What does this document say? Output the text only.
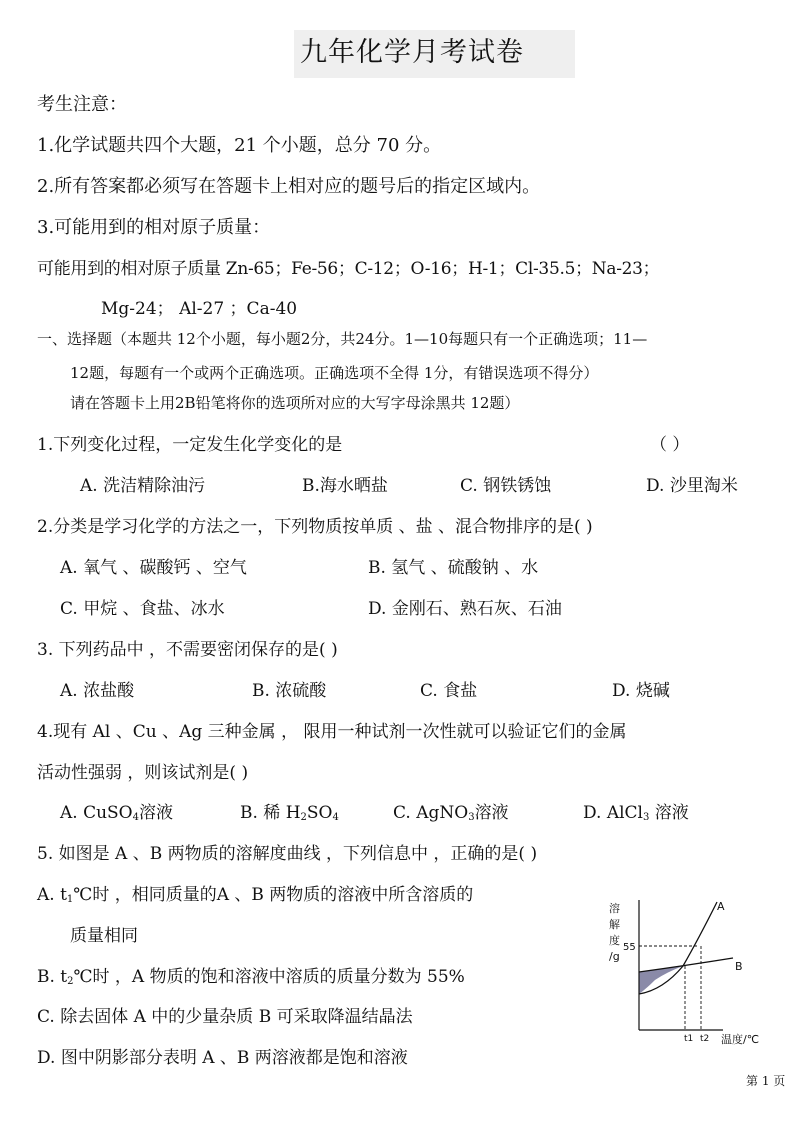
九年化学月考试卷
考生注意：
1.化学试题共四个大题，21 个小题，总分 70 分。
2.所有答案都必须写在答题卡上相对应的题号后的指定区域内。
3.可能用到的相对原子质量：
可能用到的相对原子质量 Zn-65；Fe-56；C-12；O-16；H-1；Cl-35.5；Na-23；
Mg-24； Al-27 ；Ca-40
一、选择题（本题共 12个小题，每小题2分，共24分。1—10每题只有一个正确选项；11—
12题，每题有一个或两个正确选项。正确选项不全得 1分，有错误选项不得分）
请在答题卡上用2B铅笔将你的选项所对应的大写字母涂黑共 12题）
1.下列变化过程，一定发生化学变化的是	（ ）
A. 洗洁精除油污	B.海水晒盐	C. 钢铁锈蚀	D. 沙里淘米
2.分类是学习化学的方法之一，下列物质按单质 、盐 、混合物排序的是( )
A. 氧气 、碳酸钙 、空气	B. 氢气 、硫酸钠 、水
C. 甲烷 、食盐、冰水	D. 金刚石、熟石灰、石油
3. 下列药品中 ，不需要密闭保存的是( )
A. 浓盐酸	B. 浓硫酸	C. 食盐	D. 烧碱
4.现有 Al 、Cu 、Ag 三种金属 ， 限用一种试剂一次性就可以验证它们的金属
活动性强弱 ，则该试剂是( )
A. CuSO$_4$溶液	B. 稀 $H_2SO_4$	C. AgNO$_3$溶液	D. AlCl$_3$ 溶液
5. 如图是 A 、B 两物质的溶解度曲线 ，下列信息中 ，正确的是( )
A. $t_1℃$时 ，相同质量的A 、B 两物质的溶液中所含溶质的
质量相同
B. $t_2℃$时 ，A 物质的饱和溶液中溶质的质量分数为 55%
C. 除去固体 A 中的少量杂质 B 可采取降温结晶法
D. 图中阴影部分表明 A 、B 两溶液都是饱和溶液
溶
解
度
/g
55
A
B
t1 t2 温度/℃
第 1 页
